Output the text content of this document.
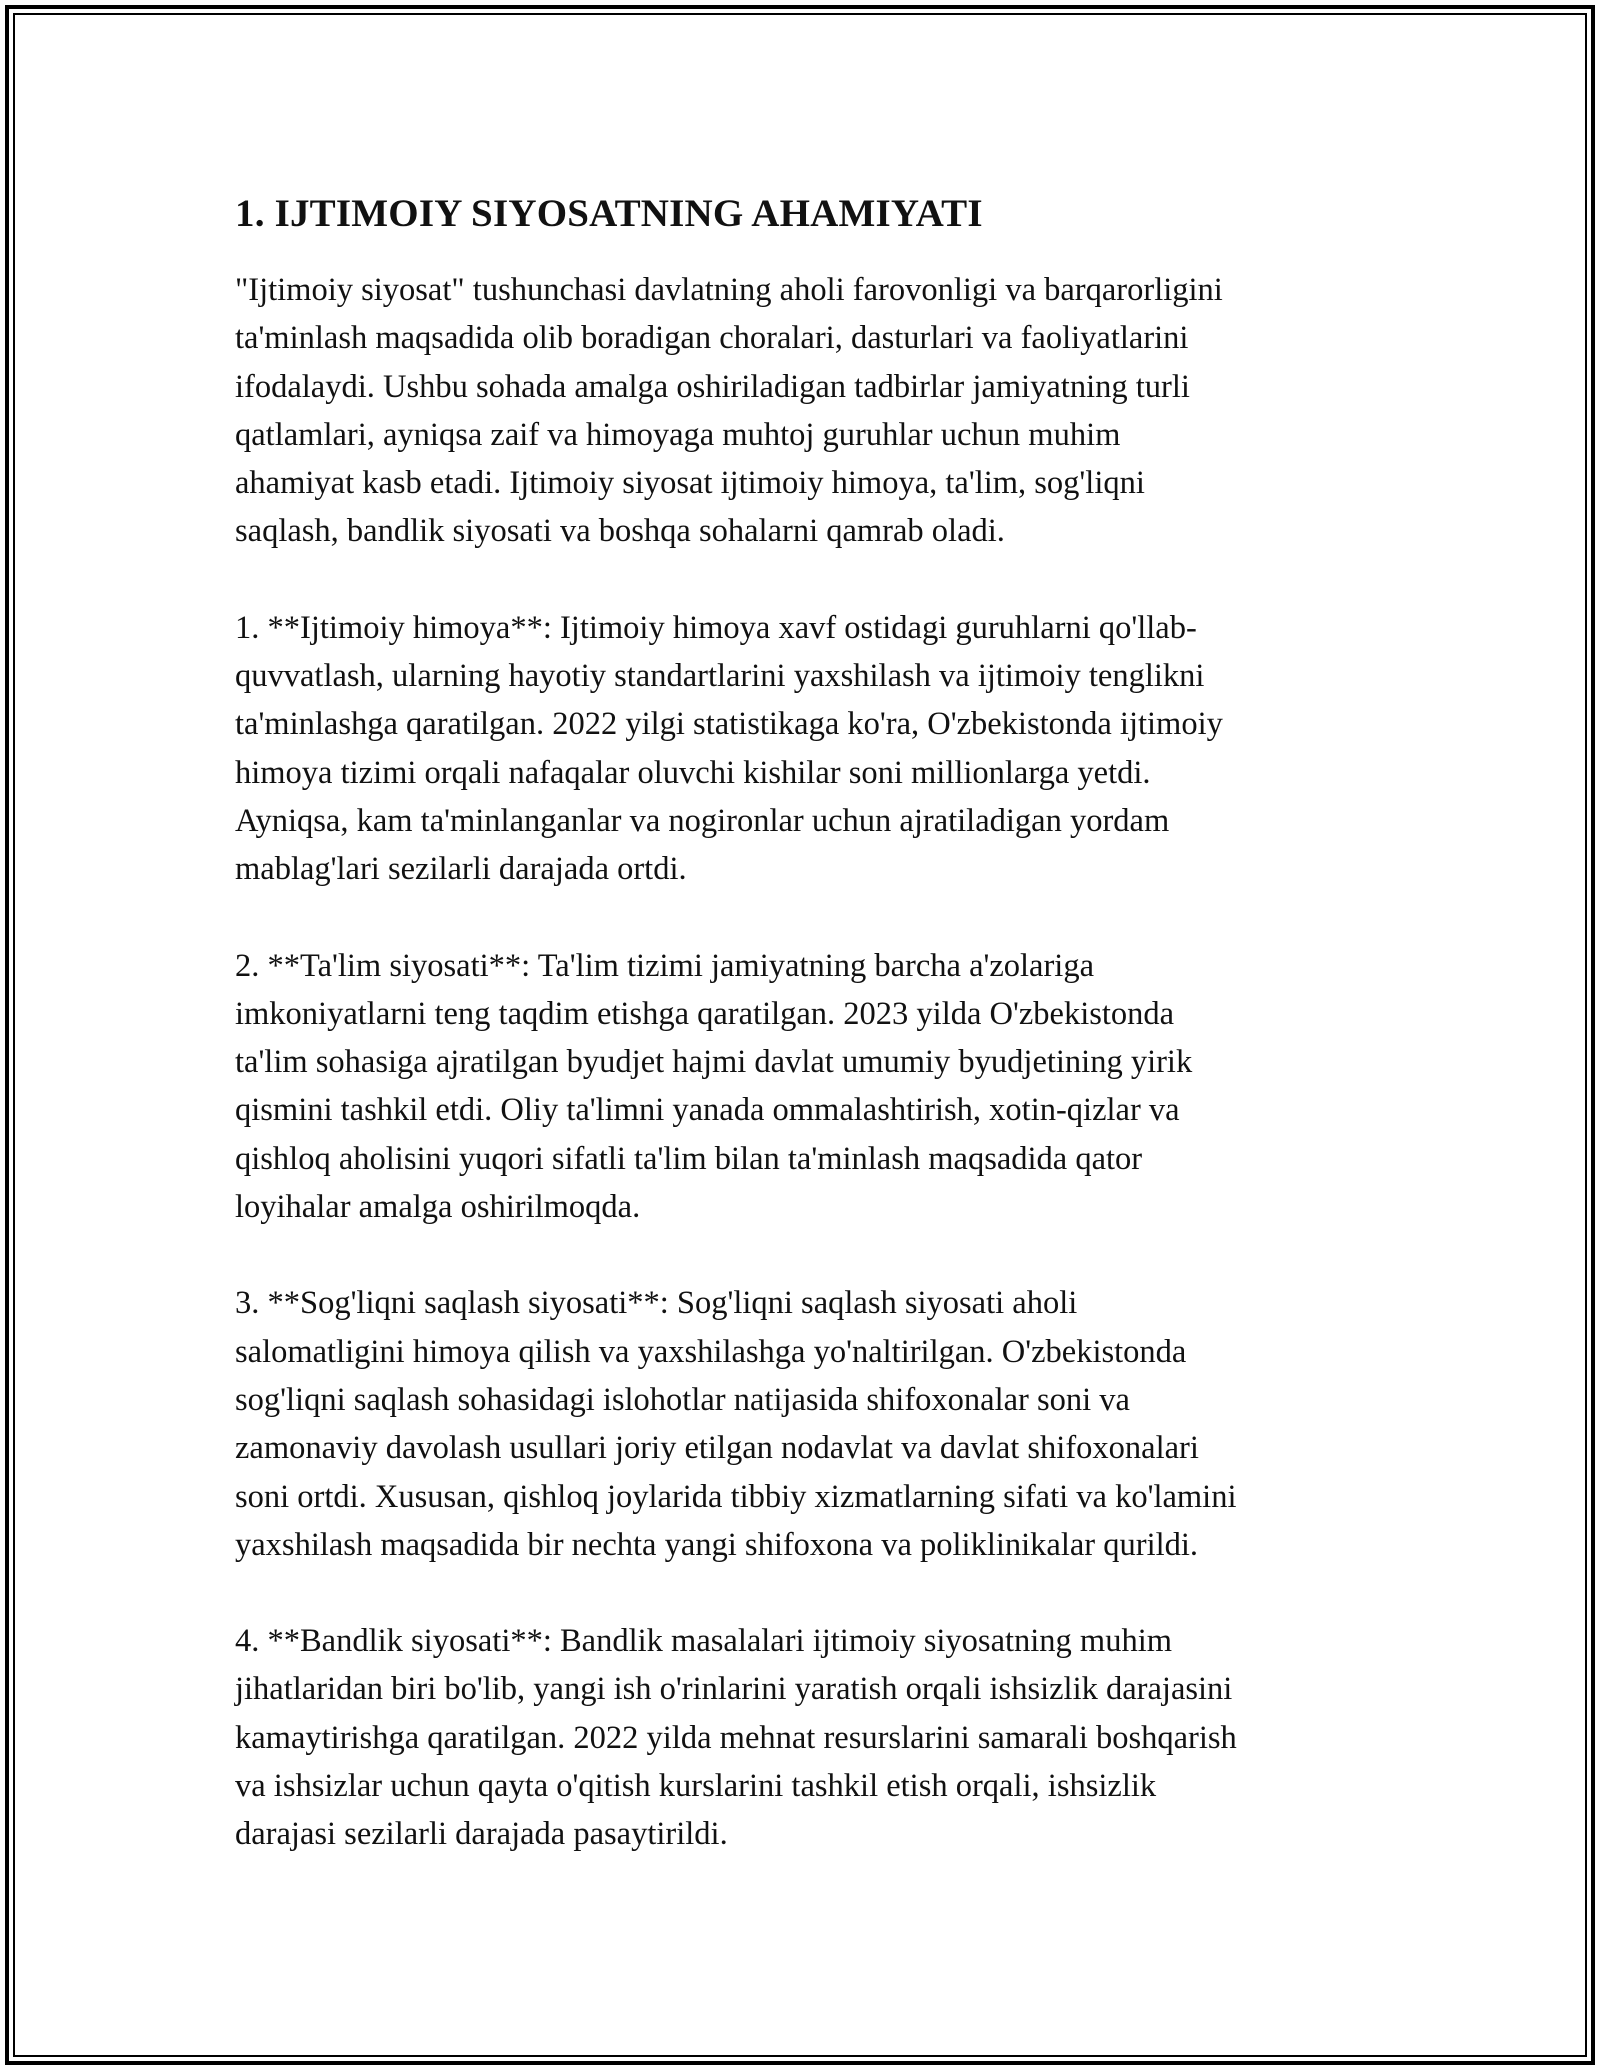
1. IJTIMOIY SIYOSATNING AHAMIYATI

"Ijtimoiy siyosat" tushunchasi davlatning aholi farovonligi va barqarorligini
ta'minlash maqsadida olib boradigan choralari, dasturlari va faoliyatlarini
ifodalaydi. Ushbu sohada amalga oshiriladigan tadbirlar jamiyatning turli
qatlamlari, ayniqsa zaif va himoyaga muhtoj guruhlar uchun muhim
ahamiyat kasb etadi. Ijtimoiy siyosat ijtimoiy himoya, ta'lim, sog'liqni
saqlash, bandlik siyosati va boshqa sohalarni qamrab oladi.

1. **Ijtimoiy himoya**: Ijtimoiy himoya xavf ostidagi guruhlarni qo'llab-
quvvatlash, ularning hayotiy standartlarini yaxshilash va ijtimoiy tenglikni
ta'minlashga qaratilgan. 2022 yilgi statistikaga ko'ra, O'zbekistonda ijtimoiy
himoya tizimi orqali nafaqalar oluvchi kishilar soni millionlarga yetdi.
Ayniqsa, kam ta'minlanganlar va nogironlar uchun ajratiladigan yordam
mablag'lari sezilarli darajada ortdi.

2. **Ta'lim siyosati**: Ta'lim tizimi jamiyatning barcha a'zolariga
imkoniyatlarni teng taqdim etishga qaratilgan. 2023 yilda O'zbekistonda
ta'lim sohasiga ajratilgan byudjet hajmi davlat umumiy byudjetining yirik
qismini tashkil etdi. Oliy ta'limni yanada ommalashtirish, xotin-qizlar va
qishloq aholisini yuqori sifatli ta'lim bilan ta'minlash maqsadida qator
loyihalar amalga oshirilmoqda.

3. **Sog'liqni saqlash siyosati**: Sog'liqni saqlash siyosati aholi
salomatligini himoya qilish va yaxshilashga yo'naltirilgan. O'zbekistonda
sog'liqni saqlash sohasidagi islohotlar natijasida shifoxonalar soni va
zamonaviy davolash usullari joriy etilgan nodavlat va davlat shifoxonalari
soni ortdi. Xususan, qishloq joylarida tibbiy xizmatlarning sifati va ko'lamini
yaxshilash maqsadida bir nechta yangi shifoxona va poliklinikalar qurildi.

4. **Bandlik siyosati**: Bandlik masalalari ijtimoiy siyosatning muhim
jihatlaridan biri bo'lib, yangi ish o'rinlarini yaratish orqali ishsizlik darajasini
kamaytirishga qaratilgan. 2022 yilda mehnat resurslarini samarali boshqarish
va ishsizlar uchun qayta o'qitish kurslarini tashkil etish orqali, ishsizlik
darajasi sezilarli darajada pasaytirildi.
